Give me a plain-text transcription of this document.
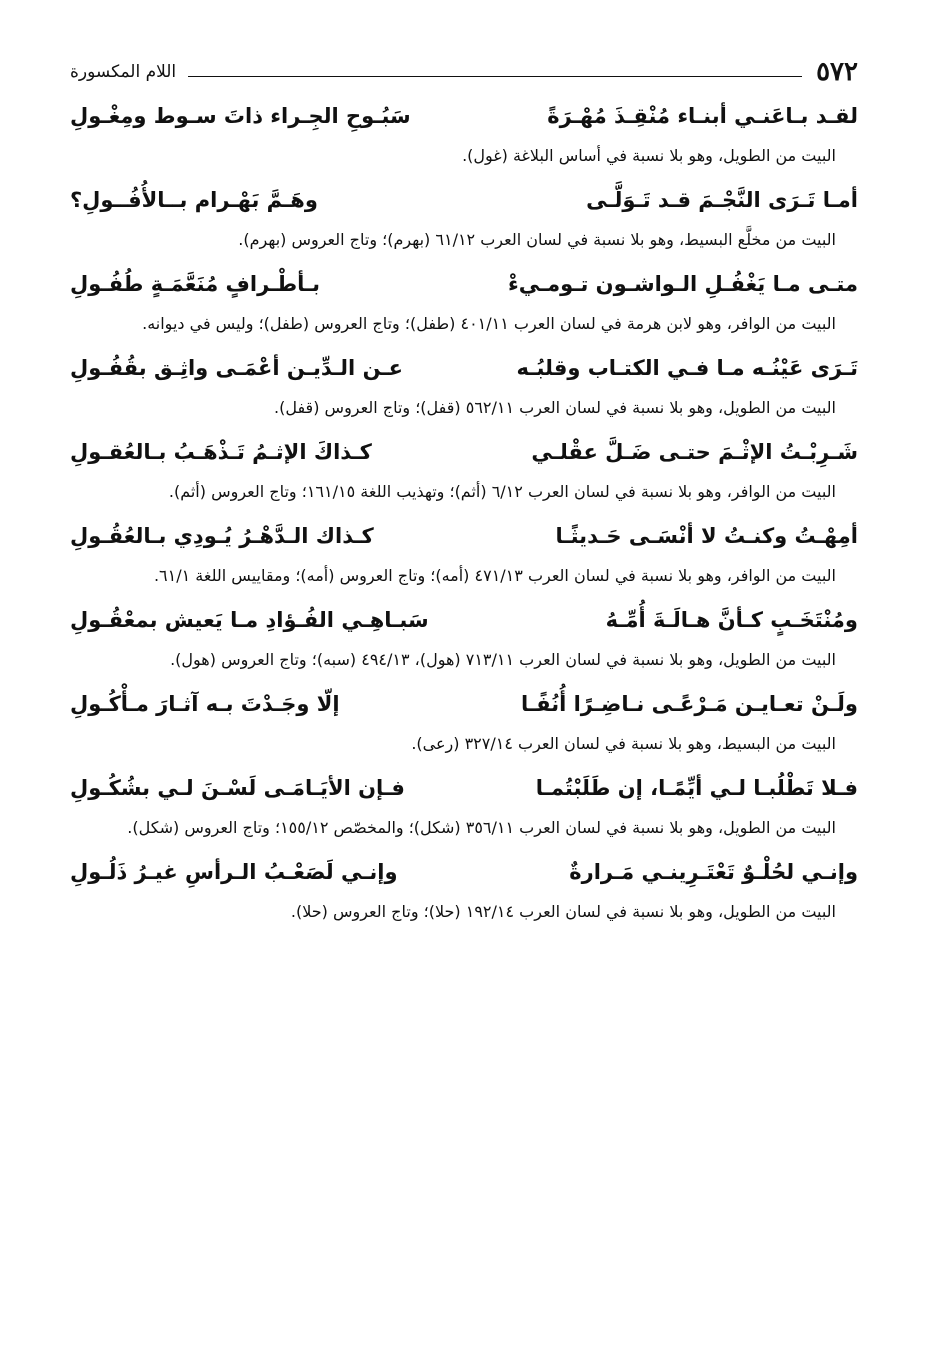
٥٧٢
اللام المكسورة
لقـد بـاعَنـي أبنـاء مُنْقِـذَ مُهْـرَةً
سَبُـوحِ الجِـراء ذاتَ سـوط ومِغْـولِ

البيت من الطويل، وهو بلا نسبة في أساس البلاغة (غول).

أمـا تَـرَى النَّجْـمَ قـد تَـوَلَّـى
وهَـمَّ بَهْـرام بــالأُفُــولِ؟

البيت من مخلَّع البسيط، وهو بلا نسبة في لسان العرب ٦١/١٢ (بهرم)؛ وتاج العروس (بهرم).

متـى مـا يَغْفُـلِ الـواشـون تـومـيءْ
بـأطْـرافٍ مُنَعَّمَـةٍ طُفُـولِ

البيت من الوافر، وهو لابن هرمة في لسان العرب ٤٠١/١١ (طفل)؛ وتاج العروس (طفل)؛ وليس في ديوانه.

تَـرَى عَيْنُـه مـا فـي الكتـاب وقلبُـه
عـن الـدِّيـن أعْمَـى واثِـق بقُفُـولِ

البيت من الطويل، وهو بلا نسبة في لسان العرب ٥٦٢/١١ (قفل)؛ وتاج العروس (قفل).

شَـرِبْـتُ الإثْـمَ حتـى ضَـلَّ عقْلـي
كـذاكَ الإثـمُ تَـذْهَـبُ بـالعُقـولِ

البيت من الوافر، وهو بلا نسبة في لسان العرب ٦/١٢ (أثم)؛ وتهذيب اللغة ١٦١/١٥؛ وتاج العروس (أثم).

أمِهْـتُ وكنـتُ لا أنْسَـى حَـديثًـا
كـذاك الـدَّهْـرُ يُـودِي بـالعُقُـولِ

البيت من الوافر، وهو بلا نسبة في لسان العرب ٤٧١/١٣ (أمه)؛ وتاج العروس (أمه)؛ ومقاييس اللغة ٦١/١.

ومُنْتَخَـبٍ كـأنَّ هـالَـةَ أُمِّـهُ
سَبـاهِـي الفُـؤادِ مـا يَعيش بمعْقُـولِ

البيت من الطويل، وهو بلا نسبة في لسان العرب ٧١٣/١١ (هول)، ٤٩٤/١٣ (سبه)؛ وتاج العروس (هول).

ولَـنْ تعـايـن مَـرْعًـى نـاضِـرًا أُنُفًـا
إلّا وجَـدْتَ بـه آثـارَ مـأْكُـولِ

البيت من البسيط، وهو بلا نسبة في لسان العرب ٣٢٧/١٤ (رعى).

فـلا تَطْلُبـا لـي أيِّمًـا، إن طَلَبْتُمـا
فـإن الأيَـامَـى لَسْـنَ لـي بشُكُـولِ

البيت من الطويل، وهو بلا نسبة في لسان العرب ٣٥٦/١١ (شكل)؛ والمخصّص ١٥٥/١٢؛ وتاج العروس (شكل).

وإنـي لحُلْـوٌ تَعْتَـرِينـي مَـرارةٌ
وإنـي لَصَعْـبُ الـرأسِ غيـرُ ذَلُـولِ

البيت من الطويل، وهو بلا نسبة في لسان العرب ١٩٢/١٤ (حلا)؛ وتاج العروس (حلا).
